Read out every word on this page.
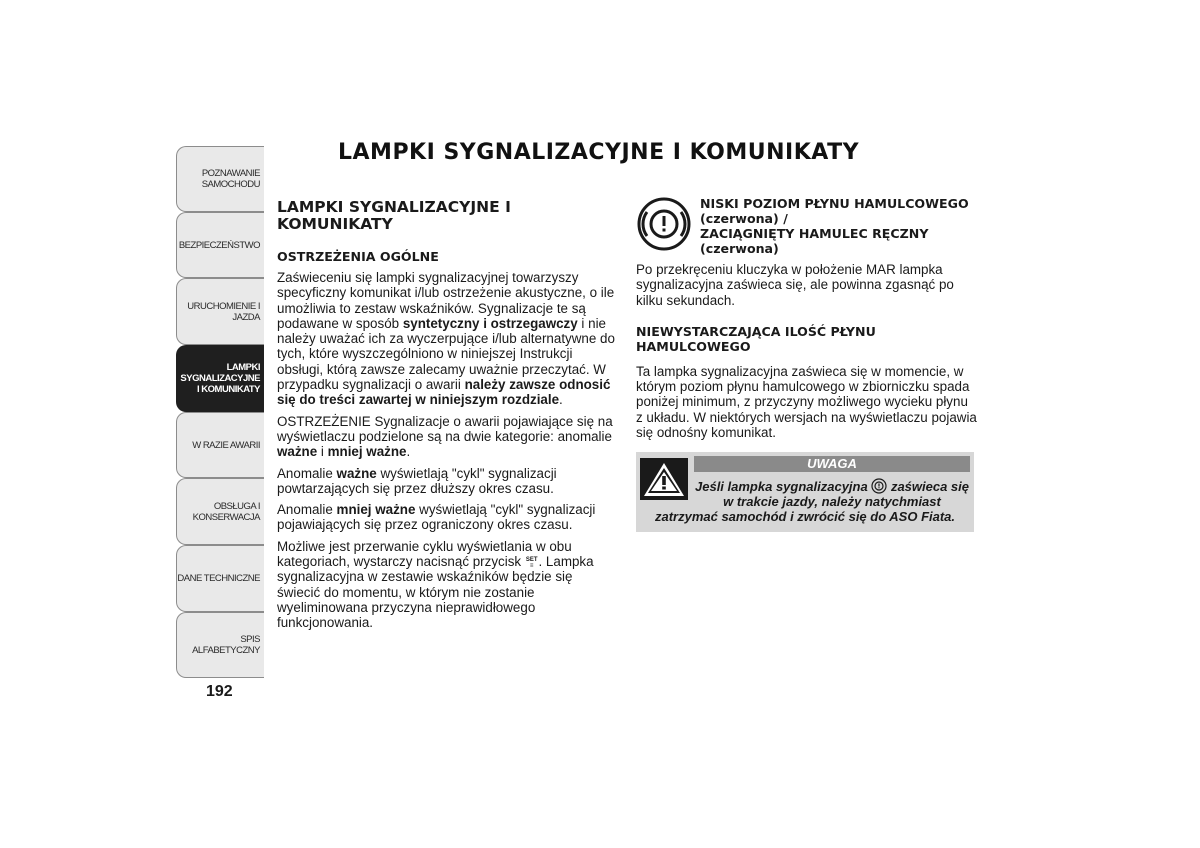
POZNAWANIE
SAMOCHODU
BEZPIECZEŃSTWO
URUCHOMIENIE I
JAZDA
LAMPKI
SYGNALIZACYJNE
I KOMUNIKATY
W RAZIE AWARII
OBSŁUGA I
KONSERWACJA
DANE TECHNICZNE
SPIS ALFABETYCZNY
192
LAMPKI SYGNALIZACYJNE I KOMUNIKATY
LAMPKI SYGNALIZACYJNE I KOMUNIKATY
OSTRZEŻENIA OGÓLNE

Zaświeceniu się lampki sygnalizacyjnej towarzyszy specyficzny komunikat i/lub ostrzeżenie akustyczne, o ile umożliwia to zestaw wskaźników. Sygnalizacje te są podawane w sposób syntetyczny i ostrzegawczy i nie należy uważać ich za wyczerpujące i/lub alternatywne do tych, które wyszczególniono w niniejszej Instrukcji obsługi, którą zawsze zalecamy uważnie przeczytać. W przypadku sygnalizacji o awarii należy zawsze odnosić się do treści zawartej w niniejszym rozdziale.

OSTRZEŻENIE Sygnalizacje o awarii pojawiające się na wyświetlaczu podzielone są na dwie kategorie: anomalie ważne i mniej ważne.

Anomalie ważne wyświetlają "cykl" sygnalizacji powtarzających się przez dłuższy okres czasu.

Anomalie mniej ważne wyświetlają "cykl" sygnalizacji pojawiających się przez ograniczony okres czasu.

Możliwe jest przerwanie cyklu wyświetlania w obu kategoriach, wystarczy nacisnąć przycisk SET
≡ . Lampka sygnalizacyjna w zestawie wskaźników będzie się świecić do momentu, w którym nie zostanie wyeliminowana przyczyna nieprawidłowego funkcjonowania.

NISKI POZIOM PŁYNU HAMULCOWEGO (czerwona) /
ZACIĄGNIĘTY HAMULEC RĘCZNY
(czerwona)

Po przekręceniu kluczyka w położenie MAR lampka sygnalizacyjna zaświeca się, ale powinna zgasnąć po kilku sekundach.

NIEWYSTARCZAJĄCA ILOŚĆ PŁYNU HAMULCOWEGO

Ta lampka sygnalizacyjna zaświeca się w momencie, w którym poziom płynu hamulcowego w zbiorniczku spada poniżej minimum, z przyczyny możliwego wycieku płynu z układu. W niektórych wersjach na wyświetlaczu pojawia się odnośny komunikat.

UWAGA
Jeśli lampka sygnalizacyjna  zaświeca się w trakcie jazdy, należy natychmiast
zatrzymać samochód i zwrócić się do ASO Fiata.
